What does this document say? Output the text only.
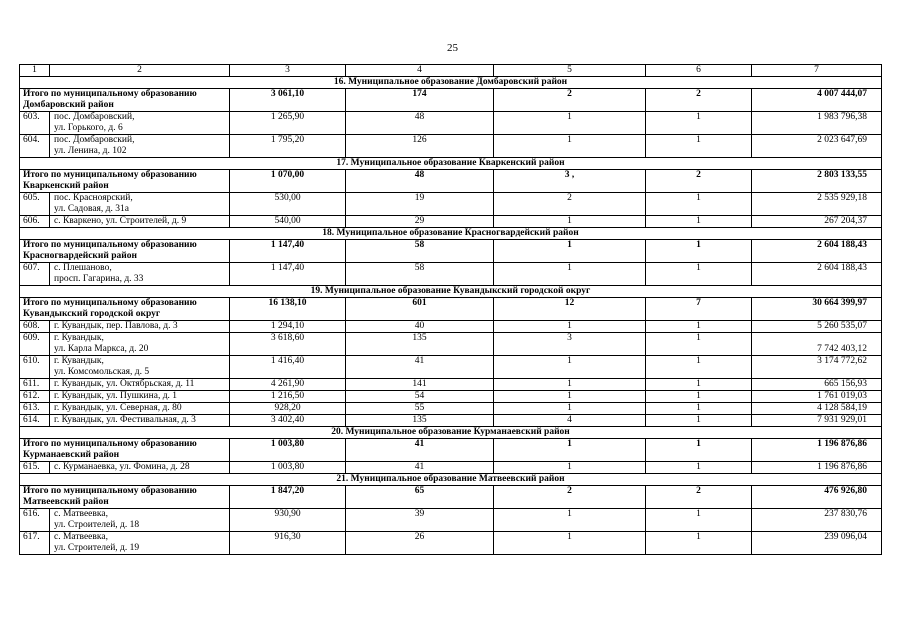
25
1	2	3	4	5	6	7
16. Муниципальное образование Домбаровский район						

Итого по муниципальному образованию
Домбаровский район		3 061,10	174	2	2	4 007 444,07
603.	пос. Домбаровский,
ул. Горького, д. 6	1 265,90	48	1	1	1 983 796,38
604.	пос. Домбаровский,
ул. Ленина, д. 102	1 795,20	126	1	1	2 023 647,69
17. Муниципальное образование Кваркенский район						

Итого по муниципальному образованию
Кваркенский район		1 070,00	48	3 ,	2	2 803 133,55
605.	пос. Красноярский,
ул. Садовая, д. 31а	530,00	19	2	1	2 535 929,18
606.	с. Кваркено, ул. Строителей, д. 9	540,00	29	1	1	267 204,37
18. Муниципальное образование Красногвардейский район						

Итого по муниципальному образованию
Красногвардейский район		1 147,40	58	1	1	2 604 188,43
607.	с. Плешаново,
просп. Гагарина, д. 33	1 147,40	58	1	1	2 604 188,43
19. Муниципальное образование Кувандыкский городской округ						

Итого по муниципальному образованию
Кувандыкский городской округ		16 138,10	601	12	7	30 664 399,97
608.	г. Кувандык, пер. Павлова, д. 3	1 294,10	40	1	1	5 260 535,07
609.	г. Кувандык,
ул. Карла Маркса, д. 20	3 618,60	135	3	1	7 742 403,12
610.	г. Кувандык,
ул. Комсомольская, д. 5	1 416,40	41	1	1	3 174 772,62
611.	г. Кувандык, ул. Октябрьская, д. 11	4 261,90	141	1	1	665 156,93
612.	г. Кувандык, ул. Пушкина, д. 1	1 216,50	54	1	1	1 761 019,03
613.	г. Кувандык, ул. Северная, д. 80	928,20	55	1	1	4 128 584,19
614.	г. Кувандык, ул. Фестивальная, д. 3	3 402,40	135	4	1	7 931 929,01
20. Муниципальное образование Курманаевский район						

Итого по муниципальному образованию
Курманаевский район		1 003,80	41	1	1	1 196 876,86
615.	с. Курманаевка, ул. Фомина, д. 28	1 003,80	41	1	1	1 196 876,86
21. Муниципальное образование Матвеевский район						

Итого по муниципальному образованию
Матвеевский район		1 847,20	65	2	2	476 926,80
616.	с. Матвеевка,
ул. Строителей, д. 18	930,90	39	1	1	237 830,76
617.	с. Матвеевка,
ул. Строителей, д. 19	916,30	26	1	1	239 096,04
